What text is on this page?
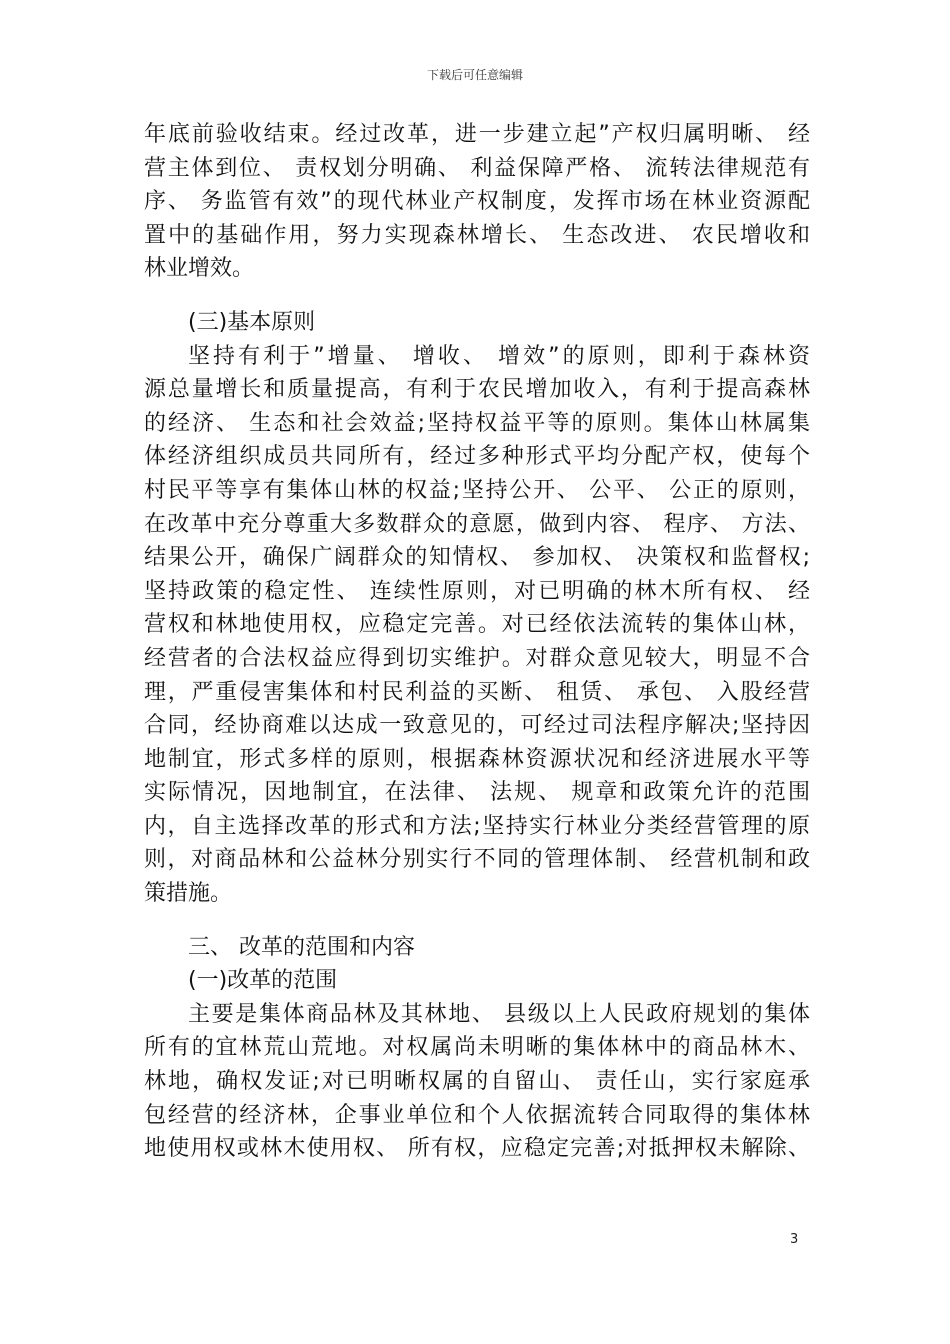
下载后可任意编辑

年底前验收结束。经过改革，进一步建立起”产权归属明晰、 经
营主体到位、 责权划分明确、 利益保障严格、 流转法律规范有
序、 务监管有效”的现代林业产权制度，发挥市场在林业资源配
置中的基础作用，努力实现森林增长、 生态改进、 农民增收和
林业增效。

(三)基本原则

坚持有利于”增量、 增收、 增效”的原则，即利于森林资
源总量增长和质量提高，有利于农民增加收入，有利于提高森林
的经济、 生态和社会效益;坚持权益平等的原则。集体山林属集
体经济组织成员共同所有，经过多种形式平均分配产权，使每个
村民平等享有集体山林的权益;坚持公开、 公平、 公正的原则，
在改革中充分尊重大多数群众的意愿，做到内容、 程序、 方法、
结果公开，确保广阔群众的知情权、 参加权、 决策权和监督权;
坚持政策的稳定性、 连续性原则，对已明确的林木所有权、 经
营权和林地使用权，应稳定完善。对已经依法流转的集体山林，
经营者的合法权益应得到切实维护。对群众意见较大，明显不合
理，严重侵害集体和村民利益的买断、 租赁、 承包、 入股经营
合同，经协商难以达成一致意见的，可经过司法程序解决;坚持因
地制宜，形式多样的原则，根据森林资源状况和经济进展水平等
实际情况，因地制宜，在法律、 法规、 规章和政策允许的范围
内，自主选择改革的形式和方法;坚持实行林业分类经营管理的原
则，对商品林和公益林分别实行不同的管理体制、 经营机制和政
策措施。

三、 改革的范围和内容

(一)改革的范围

主要是集体商品林及其林地、 县级以上人民政府规划的集体
所有的宜林荒山荒地。对权属尚未明晰的集体林中的商品林木、
林地，确权发证;对已明晰权属的自留山、 责任山，实行家庭承
包经营的经济林，企事业单位和个人依据流转合同取得的集体林
地使用权或林木使用权、 所有权，应稳定完善;对抵押权未解除、

3
